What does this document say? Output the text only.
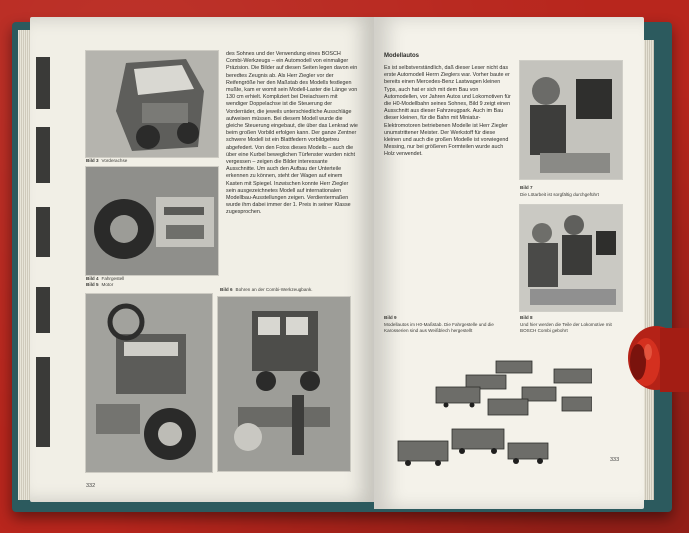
Bild 3 Vorderachse
Bild 4 Fahrgestell
Bild 5 Motor
Bild 6 Bohren an der Combi-Werkzeugbank.
des Sohnes und der Verwendung eines BOSCH Combi-Werkzeugs – ein Automodell von einmaliger Präzision. Die Bilder auf diesen Seiten legen davon ein beredtes Zeugnis ab. Als Herr Ziegler vor der Reifengröße her den Maßstab des Modells festlegen mußte, kam er womit sein Modell-Laster die Länge von 130 cm erhielt. Kompliziert bei Dreiachsern mit wendiger Doppelachse ist die Steuerung der Vorderräder, die jeweils unterschiedliche Ausschläge aufweisen müssen. Bei diesem Modell wurde die gleiche Steuerung eingebaut, die über das Lenkrad wie beim großen Vorbild erfolgen kann. Der ganze Zentner schwere Modell ist ein Blattfedern vorbildgetreu abgefedert. Von den Fotos dieses Modells – auch die über eine Kurbel beweglichen Türfenster wurden nicht vergessen – zeigen die Bilder interessante Ausschnitte. Um auch den Aufbau der Unterteile erkennen zu können, steht der Wagen auf einem Kasten mit Spiegel. Inzwischen konnte Herr Ziegler sein ausgezeichnetes Modell auf internationalen Modellbau-Ausstellungen zeigen. Verdientermaßen wurde ihm dabei immer der 1. Preis in seiner Klasse zugesprochen.
332
Modellautos
Es ist selbstverständlich, daß dieser Leser nicht das erste Automodell Herrn Zieglers war. Vorher baute er bereits einen Mercedes-Benz Lastwagen kleinen Typs, auch hat er sich mit dem Bau von Automodellen, vor Jahren Autos und Lokomotiven für die H0-Modellbahn seines Sohnes, Bild 9 zeigt einen Ausschnitt aus dieser Fahrzeugpark. Auch im Bau dieser kleinen, für die Bahn mit Miniatur-Elektromotoren betriebenen Modelle ist Herr Ziegler unumstrittener Meister. Der Werkstoff für diese kleinen und auch die großen Modelle ist vorwiegend Messing, nur bei größeren Formteilen wurde auch Holz verwendet.
Bild 7
Die Lötarbeit ist sorgfältig durchgeführt
Bild 8
Und hier werden die Teile der Lokomotive mit BOSCH Combi gebohrt
Bild 9
Modellautos im H0-Maßstab. Die Fahrgestelle und die Karosserien sind aus Weißblech hergestellt
333
